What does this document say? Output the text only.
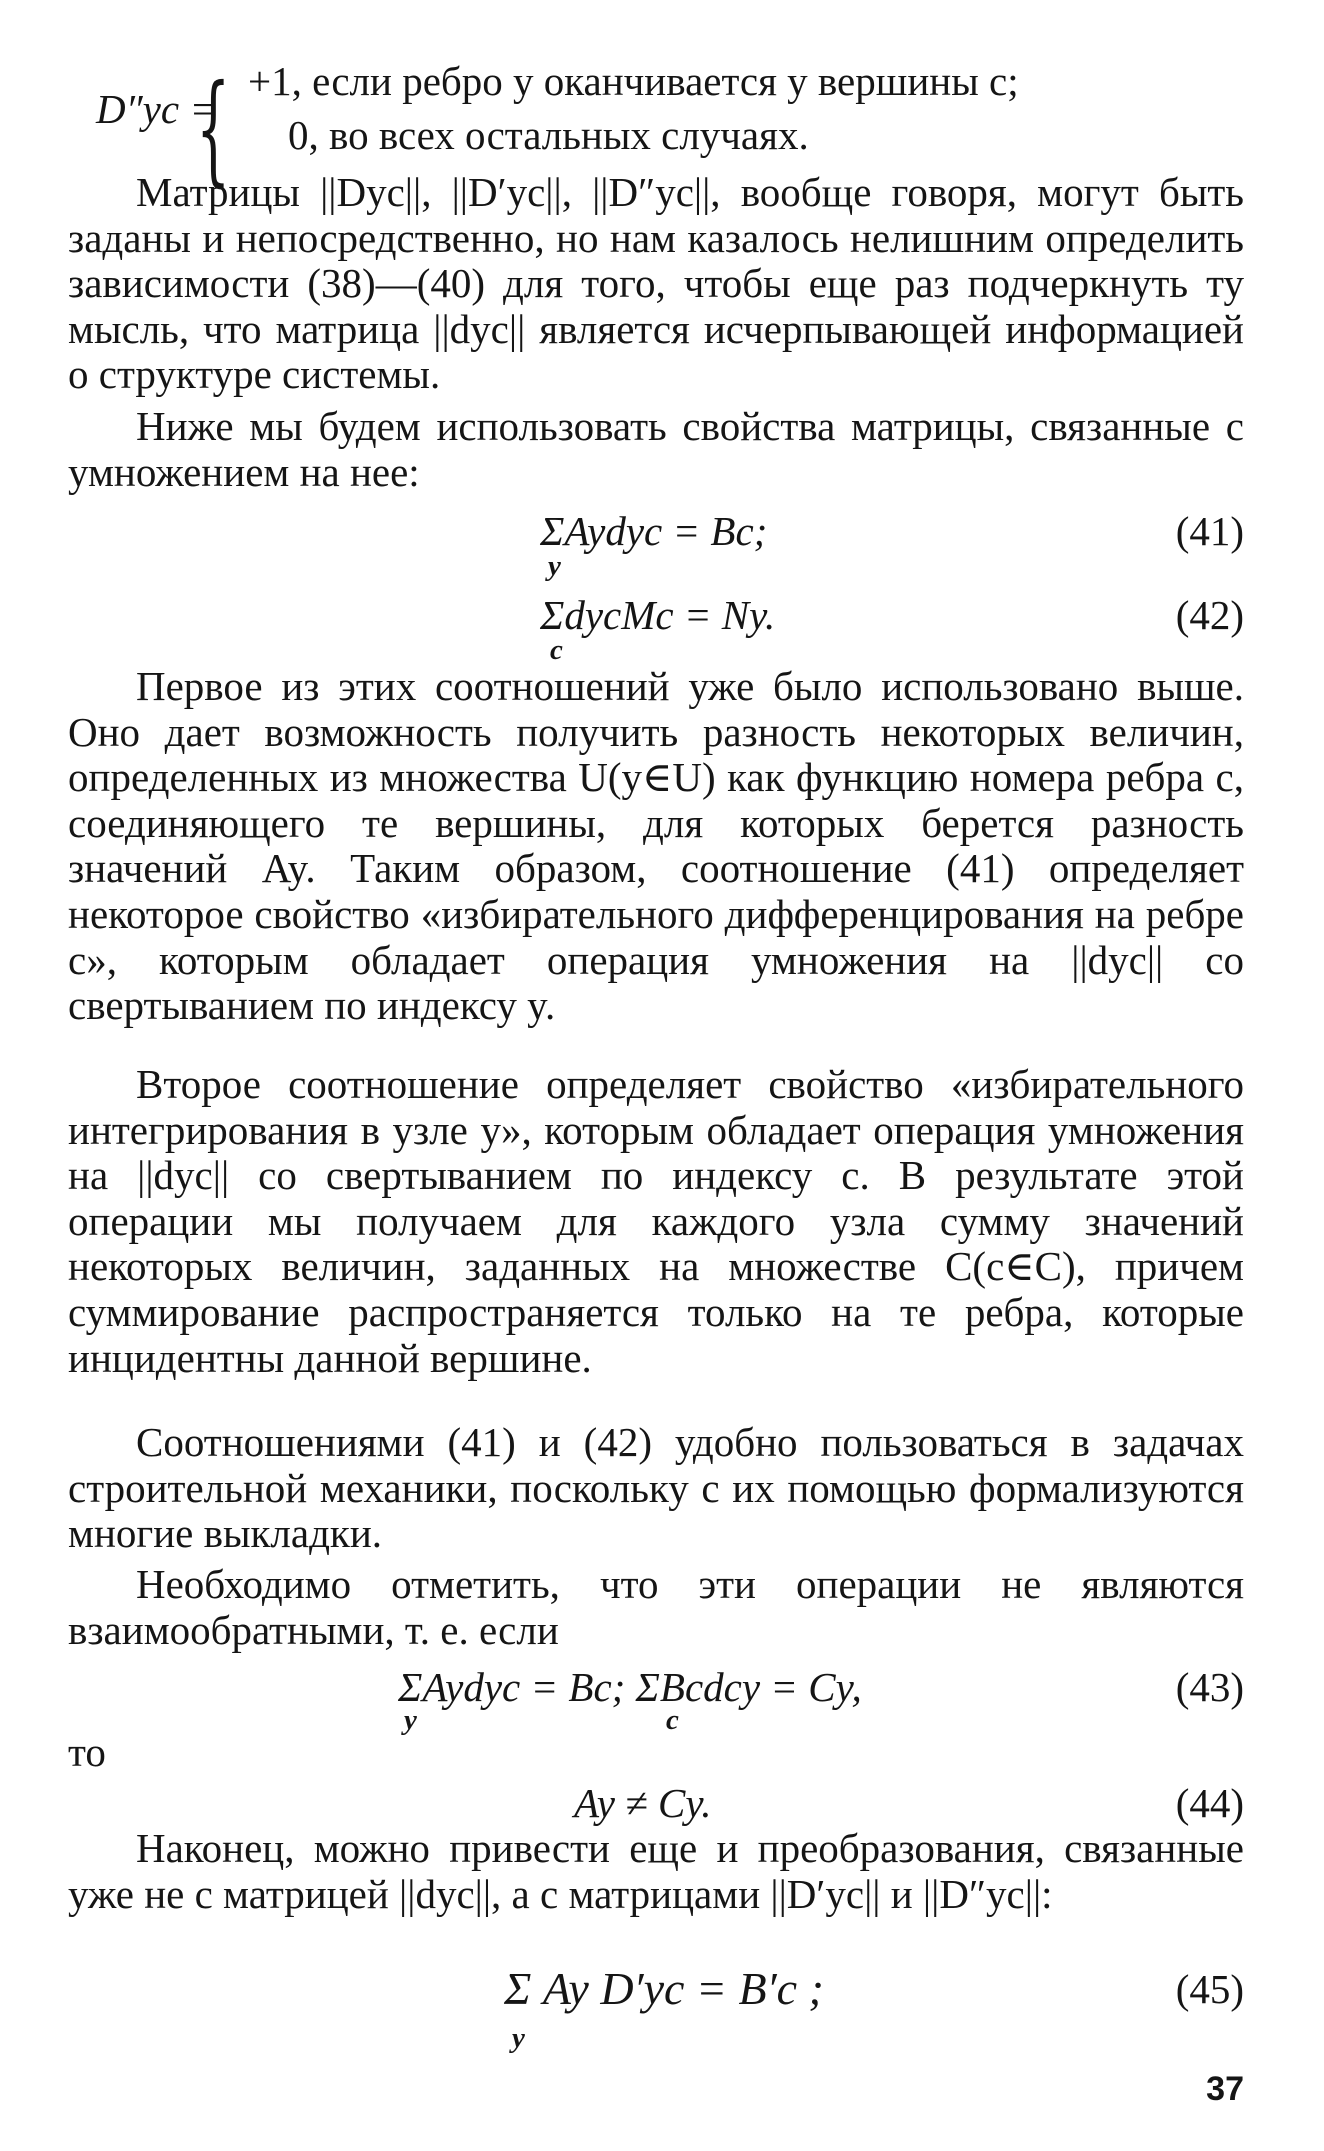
D″yc =
{ +1, если ребро y оканчивается у вершины c;
0, во всех остальных случаях.

Матрицы ||Dyc||, ||D′yc||, ||D″yc||, вообще говоря, могут быть заданы и непосредственно, но нам казалось нелишним определить зависимости (38)—(40) для того, чтобы еще раз подчеркнуть ту мысль, что матрица ||dyc|| является исчерпывающей информацией о структуре системы.

Ниже мы будем использовать свойства матрицы, связанные с умножением на нее:

ΣAydyc = Bc;
y
(41)
ΣdycMc = Ny.
c
(42)

Первое из этих соотношений уже было использовано выше. Оно дает возможность получить разность некоторых величин, определенных из множества U(y∈U) как функцию номера ребра c, соединяющего те вершины, для которых берется разность значений Ay. Таким образом, соотношение (41) определяет некоторое свойство «избирательного дифференцирования на ребре c», которым обладает операция умножения на ||dyc|| со свертыванием по индексу y.

Второе соотношение определяет свойство «избирательного интегрирования в узле y», которым обладает операция умножения на ||dyc|| со свертыванием по индексу c. В результате этой операции мы получаем для каждого узла сумму значений некоторых величин, заданных на множестве C(c∈C), причем суммирование распространяется только на те ребра, которые инцидентны данной вершине.

Соотношениями (41) и (42) удобно пользоваться в задачах строительной механики, поскольку с их помощью формализуются многие выкладки.

Необходимо отметить, что эти операции не являются взаимообратными, т. е. если

ΣAydyc = Bc; ΣBcdcy = Cy,
y	c
(43)

то

Ay ≠ Cy.	(44)

Наконец, можно привести еще и преобразования, связанные уже не с матрицей ||dyc||, а с матрицами ||D′yc|| и ||D″yc||:

Σ Ay D′yc = B′c ;
y
(45)
37
